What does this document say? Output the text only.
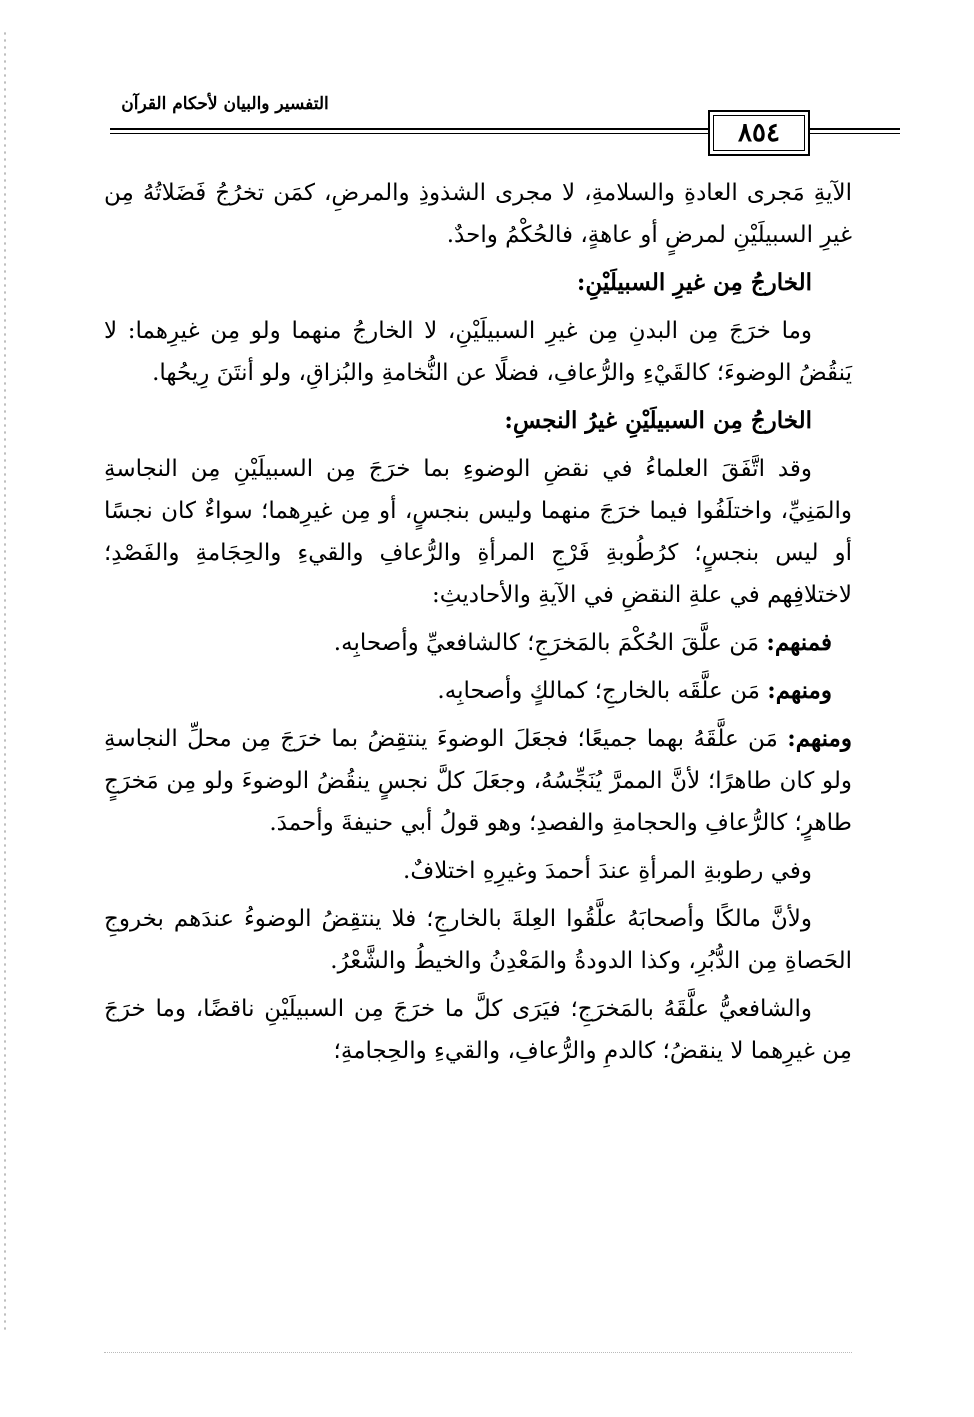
التفسير والبيان لأحكام القرآن
٨٥٤

الآيةِ مَجرى العادةِ والسلامةِ، لا مجرى الشذوذِ والمرضِ، كمَن تخرُجُ فَضَلاتُهُ مِن غيرِ السبيلَيْنِ لمرضٍ أو عاهةٍ، فالحُكْمُ واحدٌ.

الخارجُ مِن غيرِ السبيلَيْنِ:

وما خرَجَ مِن البدنِ مِن غيرِ السبيلَيْنِ، لا الخارجُ منهما ولو مِن غيرِهما: لا يَنقُضُ الوضوءَ؛ كالقَيْءِ والرُّعافِ، فضلًا عن النُّخامةِ والبُزاقِ، ولو أنتَنَ رِيحُها.

الخارجُ مِن السبيلَيْنِ غيرُ النجسِ:

وقد اتَّفَقَ العلماءُ في نقضِ الوضوءِ بما خرَجَ مِن السبيلَيْنِ مِن النجاسةِ والمَنِيِّ، واختلَفُوا فيما خرَجَ منهما وليس بنجسٍ، أو مِن غيرِهما؛ سواءٌ كان نجسًا أو ليس بنجسٍ؛ كرُطُوبةِ فَرْجِ المرأةِ والرُّعافِ والقيءِ والحِجَامةِ والفَصْدِ؛ لاختلافِهم في علةِ النقضِ في الآيةِ والأحاديثِ:

فمنهم: مَن علَّقَ الحُكْمَ بالمَخرَجِ؛ كالشافعيِّ وأصحابِه.

ومنهم: مَن علَّقَه بالخارجِ؛ كمالكٍ وأصحابِه.

ومنهم: مَن علَّقَهُ بهما جميعًا؛ فجعَلَ الوضوءَ ينتقِضُ بما خرَجَ مِن محلِّ النجاسةِ ولو كان طاهرًا؛ لأنَّ الممرَّ يُنَجِّسُهُ، وجعَلَ كلَّ نجسٍ ينقُضُ الوضوءَ ولو مِن مَخرَجٍ طاهرٍ؛ كالرُّعافِ والحجامةِ والفصدِ؛ وهو قولُ أبي حنيفةَ وأحمدَ.

وفي رطوبةِ المرأةِ عندَ أحمدَ وغيرِهِ اختلافٌ.

ولأنَّ مالكًا وأصحابَهُ علَّقُوا العِلةَ بالخارجِ؛ فلا ينتقِضُ الوضوءُ عندَهم بخروجِ الحَصاةِ مِن الدُّبُرِ، وكذا الدودةُ والمَعْدِنُ والخيطُ والشَّعْرُ.

والشافعيُّ علَّقَهُ بالمَخرَجِ؛ فيَرَى كلَّ ما خرَجَ مِن السبيلَيْنِ ناقضًا، وما خرَجَ مِن غيرِهما لا ينقضُ؛ كالدمِ والرُّعافِ، والقيءِ والحِجامةِ؛
